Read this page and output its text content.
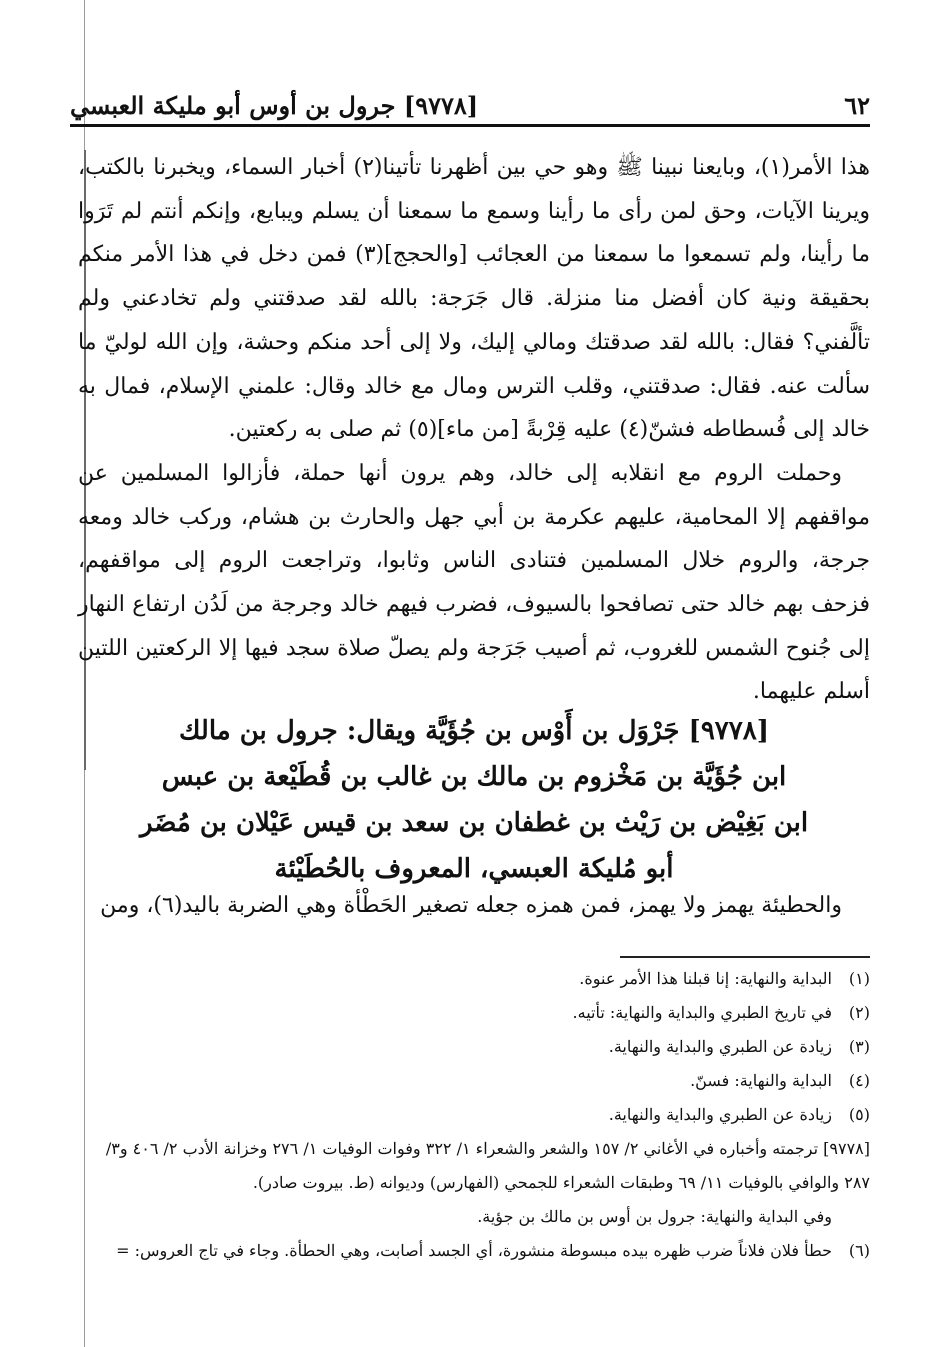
٦٢
[٩٧٧٨] جرول بن أوس أبو مليكة العبسي

هذا الأمر(١)، وبايعنا نبينا ﷺ وهو حي بين أظهرنا تأتينا(٢) أخبار السماء، ويخبرنا بالكتب، ويرينا الآيات، وحق لمن رأى ما رأينا وسمع ما سمعنا أن يسلم ويبايع، وإنكم أنتم لم تَرَوا ما رأينا، ولم تسمعوا ما سمعنا من العجائب [والحجج](٣) فمن دخل في هذا الأمر منكم بحقيقة ونية كان أفضل منا منزلة. قال جَرَجة: بالله لقد صدقتني ولم تخادعني ولم تألَّفني؟ فقال: بالله لقد صدقتك ومالي إليك، ولا إلى أحد منكم وحشة، وإن الله لوليّ ما سألت عنه. فقال: صدقتني، وقلب الترس ومال مع خالد وقال: علمني الإسلام، فمال به خالد إلى فُسطاطه فشنّ(٤) عليه قِرْبةً [من ماء](٥) ثم صلى به ركعتين.

وحملت الروم مع انقلابه إلى خالد، وهم يرون أنها حملة، فأزالوا المسلمين عن مواقفهم إلا المحامية، عليهم عكرمة بن أبي جهل والحارث بن هشام، وركب خالد ومعه جرجة، والروم خلال المسلمين فتنادى الناس وثابوا، وتراجعت الروم إلى مواقفهم، فزحف بهم خالد حتى تصافحوا بالسيوف، فضرب فيهم خالد وجرجة من لَدُن ارتفاع النهار إلى جُنوح الشمس للغروب، ثم أصيب جَرَجة ولم يصلّ صلاة سجد فيها إلا الركعتين اللتين أسلم عليهما.

[٩٧٧٨] جَرْوَل بن أَوْس بن جُؤَيَّة ويقال: جرول بن مالك
ابن جُؤَيَّة بن مَخْزوم بن مالك بن غالب بن قُطَيْعة بن عبس
ابن بَغِيْض بن رَيْث بن غطفان بن سعد بن قيس عَيْلان بن مُضَر
أبو مُليكة العبسي، المعروف بالحُطَيْئة
والحطيئة يهمز ولا يهمز، فمن همزه جعله تصغير الحَطْأة وهي الضربة باليد(٦)، ومن
(١)
البداية والنهاية: إنا قبلنا هذا الأمر عنوة.
(٢)
في تاريخ الطبري والبداية والنهاية: تأتيه.
(٣)
زيادة عن الطبري والبداية والنهاية.
(٤)
البداية والنهاية: فسنّ.
(٥)
زيادة عن الطبري والبداية والنهاية.
[٩٧٧٨] ترجمته وأخباره في الأغاني ٢/ ١٥٧ والشعر والشعراء ١/ ٣٢٢ وفوات الوفيات ١/ ٢٧٦ وخزانة الأدب ٢/ ٤٠٦ و٣/ ٢٨٧ والوافي بالوفيات ١١/ ٦٩ وطبقات الشعراء للجمحي (الفهارس) وديوانه (ط. بيروت صادر).
وفي البداية والنهاية: جرول بن أوس بن مالك بن جؤية.
(٦)
حطأ فلان فلاناً ضرب ظهره بيده مبسوطة منشورة، أي الجسد أصابت، وهي الحطأة. وجاء في تاج العروس: =
